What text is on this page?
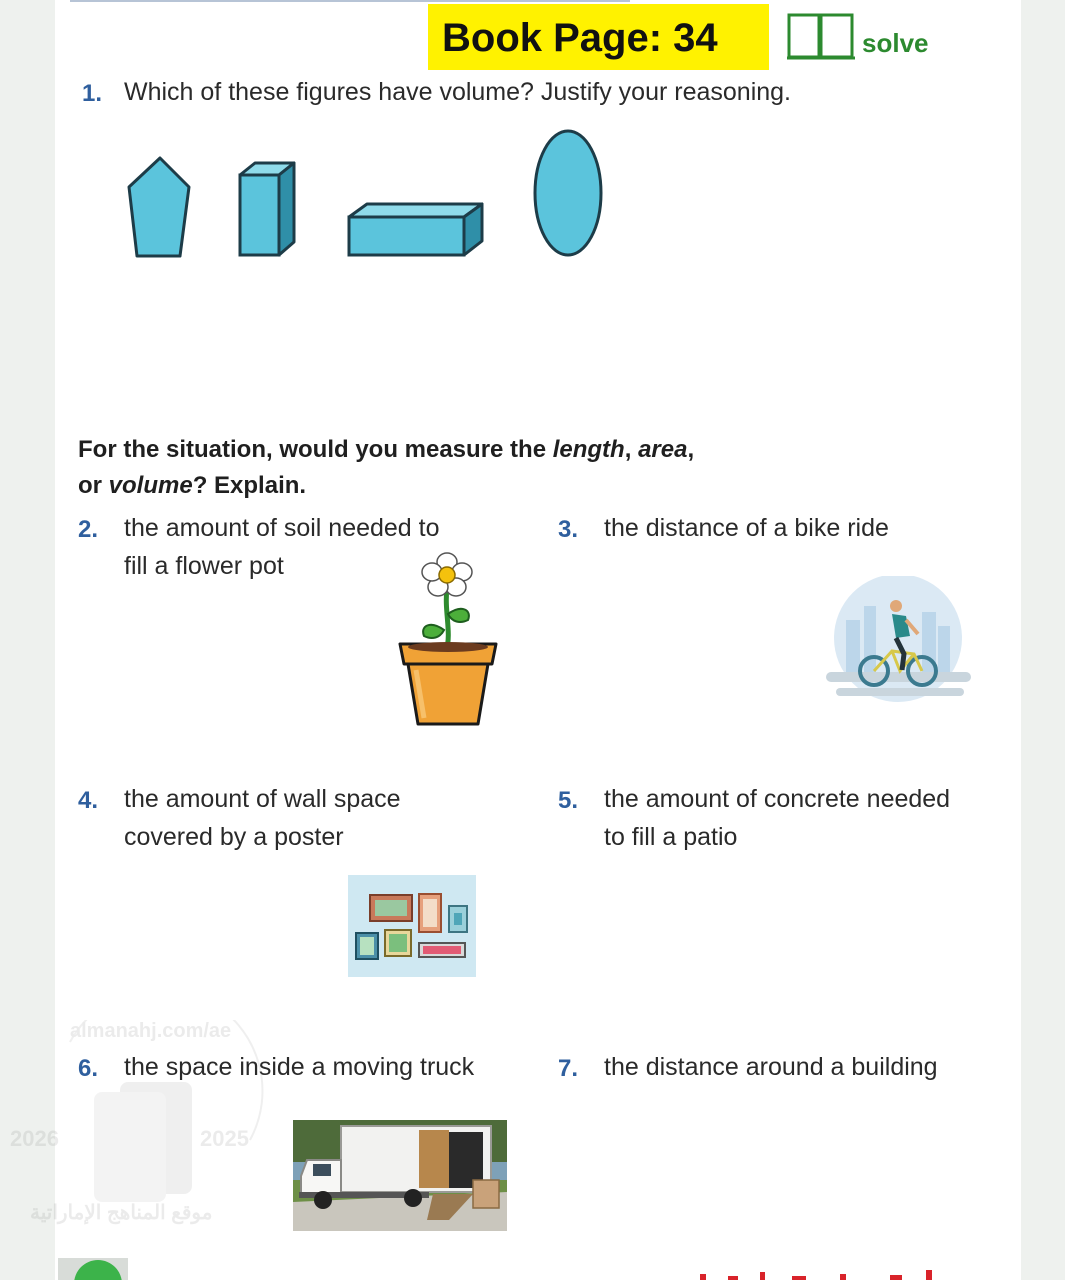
Book Page: 34	solve
1. Which of these figures have volume? Justify your reasoning.
For the situation, would you measure the length, area,
or volume? Explain.
2. the amount of soil needed to
fill a flower pot
3. the distance of a bike ride
4. the amount of wall space
covered by a poster
5. the amount of concrete needed
to fill a patio
6. the space inside a moving truck	7. the distance around a building
2026	2025
almanahj.com/ae
موقع المناهج الإماراتية
